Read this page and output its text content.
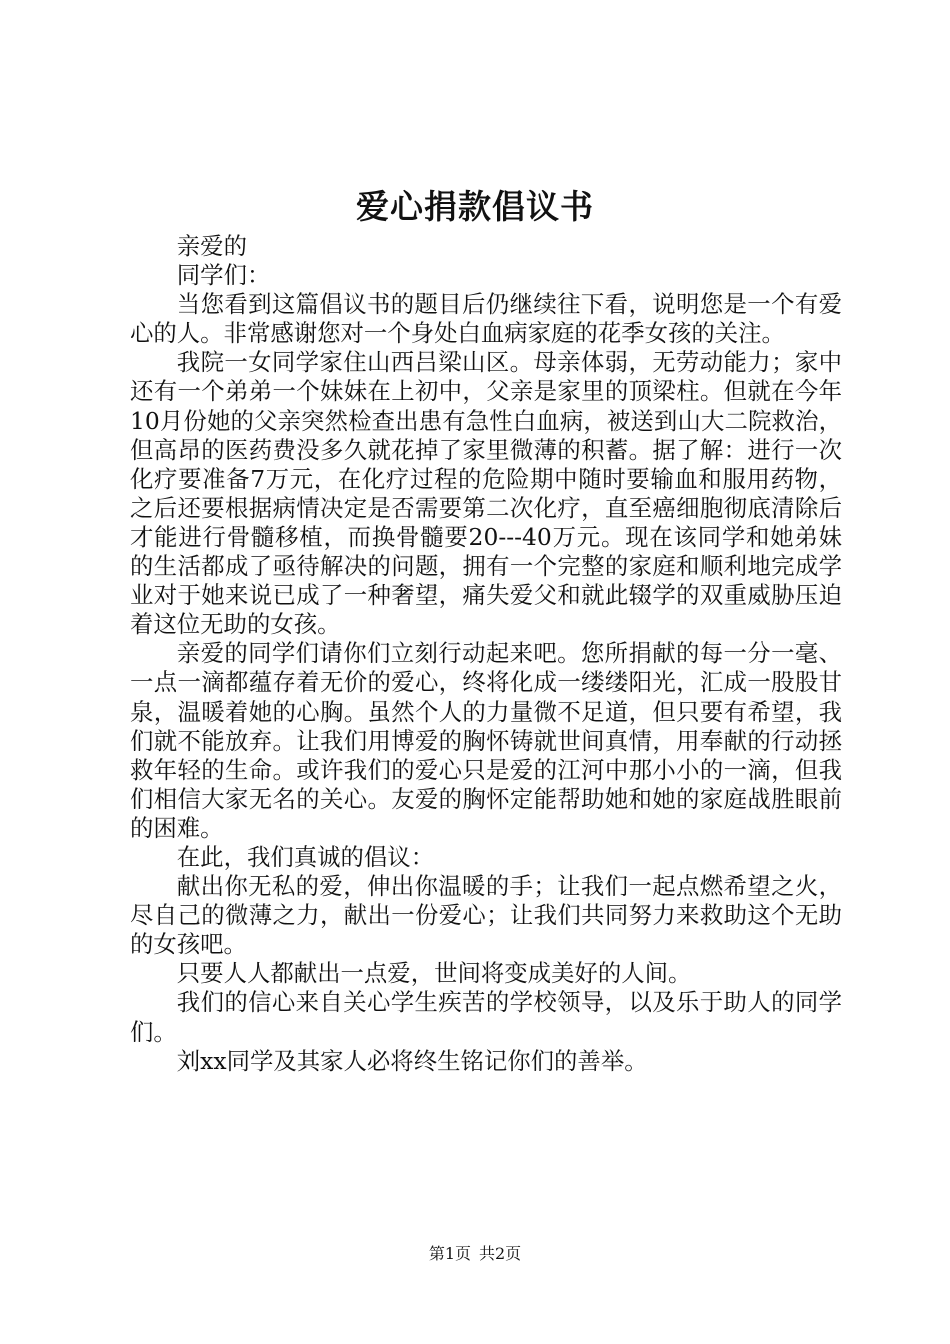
爱心捐款倡议书

亲爱的

同学们：

当您看到这篇倡议书的题目后仍继续往下看，说明您是一个有爱心的人。非常感谢您对一个身处白血病家庭的花季女孩的关注。

我院一女同学家住山西吕梁山区。母亲体弱，无劳动能力；家中还有一个弟弟一个妹妹在上初中，父亲是家里的顶梁柱。但就在今年10月份她的父亲突然检查出患有急性白血病，被送到山大二院救治，但高昂的医药费没多久就花掉了家里微薄的积蓄。据了解：进行一次化疗要准备7万元，在化疗过程的危险期中随时要输血和服用药物，之后还要根据病情决定是否需要第二次化疗，直至癌细胞彻底清除后才能进行骨髓移植，而换骨髓要20---40万元。现在该同学和她弟妹的生活都成了亟待解决的问题，拥有一个完整的家庭和顺利地完成学业对于她来说已成了一种奢望，痛失爱父和就此辍学的双重威胁压迫着这位无助的女孩。

亲爱的同学们请你们立刻行动起来吧。您所捐献的每一分一毫、一点一滴都蕴存着无价的爱心，终将化成一缕缕阳光，汇成一股股甘泉，温暖着她的心胸。虽然个人的力量微不足道，但只要有希望，我们就不能放弃。让我们用博爱的胸怀铸就世间真情，用奉献的行动拯救年轻的生命。或许我们的爱心只是爱的江河中那小小的一滴，但我们相信大家无名的关心。友爱的胸怀定能帮助她和她的家庭战胜眼前的困难。

在此，我们真诚的倡议：

献出你无私的爱，伸出你温暖的手；让我们一起点燃希望之火，尽自己的微薄之力，献出一份爱心；让我们共同努力来救助这个无助的女孩吧。

只要人人都献出一点爱，世间将变成美好的人间。

我们的信心来自关心学生疾苦的学校领导，以及乐于助人的同学们。

刘xx同学及其家人必将终生铭记你们的善举。

第1页 共2页
